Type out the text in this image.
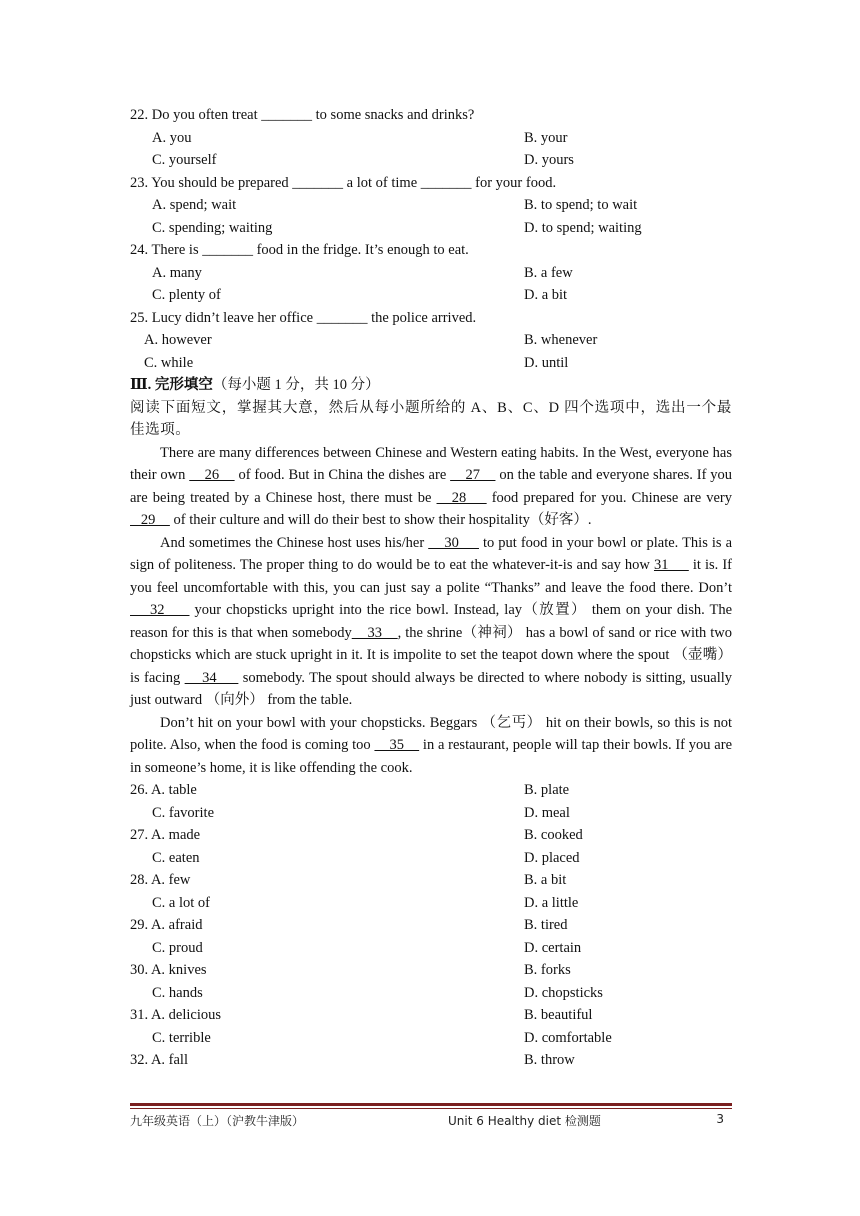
22. Do you often treat _______ to some snacks and drinks?
A. you	B. your
C. yourself	D. yours
23. You should be prepared _______ a lot of time _______ for your food.
A. spend; wait	B. to spend; to wait
C. spending; waiting	D. to spend; waiting
24. There is _______ food in the fridge. It’s enough to eat.
A. many	B. a few
C. plenty of	D. a bit
25. Lucy didn’t leave her office _______ the police arrived.
A. however	B. whenever
C. while	D. until
Ⅲ. 完形填空（每小题 1 分，共 10 分）
阅读下面短文，掌握其大意，然后从每小题所给的 A、B、C、D 四个选项中，选出一个最佳选项。
There are many differences between Chinese and Western eating habits. In the West, everyone has their own     26     of food. But in China the dishes are     27     on the table and everyone shares. If you are being treated by a Chinese host, there must be    28     food prepared for you. Chinese are very    29     of their culture and will do their best to show their hospitality（好客）.
And sometimes the Chinese host uses his/her     30      to put food in your bowl or plate. This is a sign of politeness. The proper thing to do would be to eat the whatever-it-is and say how 31      it is. If you feel uncomfortable with this, you can just say a polite “Thanks” and leave the food there. Don’t     32      your chopsticks upright into the rice bowl. Instead, lay（放置） them on your dish. The reason for this is that when somebody    33    , the shrine（神祠） has a bowl of sand or rice with two chopsticks which are stuck upright in it. It is impolite to set the teapot down where the spout （壶嘴） is facing     34      somebody. The spout should always be directed to where nobody is sitting, usually just outward （向外） from the table.
Don’t hit on your bowl with your chopsticks. Beggars （乞丐） hit on their bowls, so this is not polite. Also, when the food is coming too     35     in a restaurant, people will tap their bowls. If you are in someone’s home, it is like offending the cook.
26. A. table	B. plate
C. favorite	D. meal
27. A. made	B. cooked
C. eaten	D. placed
28. A. few	B. a bit
C. a lot of	D. a little
29. A. afraid	B. tired
C. proud	D. certain
30. A. knives	B. forks
C. hands	D. chopsticks
31. A. delicious	B. beautiful
C. terrible	D. comfortable
32. A. fall	B. throw
九年级英语（上）（沪教牛津版）	Unit 6 Healthy diet 检测题	3
